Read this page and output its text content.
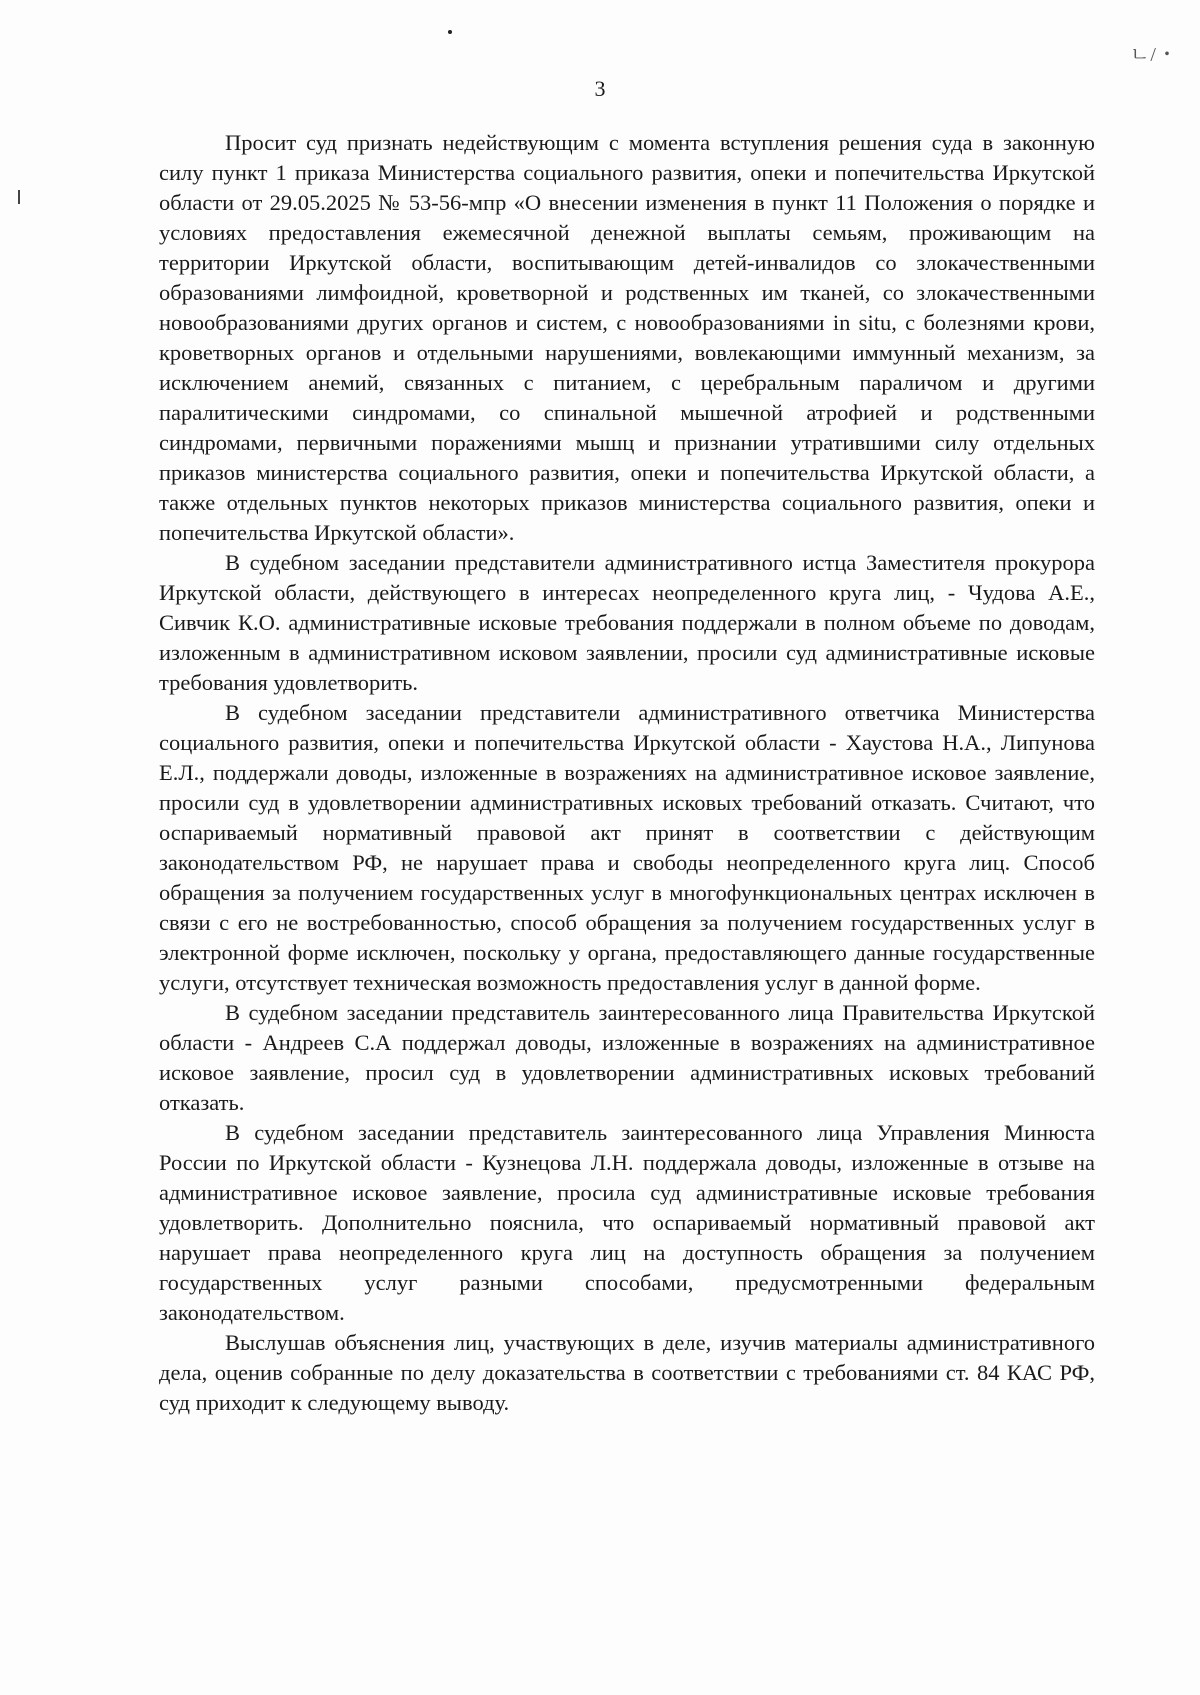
ㄴ/・
3

Просит суд признать недействующим с момента вступления решения суда в законную силу пункт 1 приказа Министерства социального развития, опеки и попечительства Иркутской области от 29.05.2025 № 53-56-мпр «О внесении изменения в пункт 11 Положения о порядке и условиях предоставления ежемесячной денежной выплаты семьям, проживающим на территории Иркутской области, воспитывающим детей-инвалидов со злокачественными образованиями лимфоидной, кроветворной и родственных им тканей, со злокачественными новообразованиями других органов и систем, с новообразованиями in situ, с болезнями крови, кроветворных органов и отдельными нарушениями, вовлекающими иммунный механизм, за исключением анемий, связанных с питанием, с церебральным параличом и другими паралитическими синдромами, со спинальной мышечной атрофией и родственными синдромами, первичными поражениями мышц и признании утратившими силу отдельных приказов министерства социального развития, опеки и попечительства Иркутской области, а также отдельных пунктов некоторых приказов министерства социального развития, опеки и попечительства Иркутской области».

В судебном заседании представители административного истца Заместителя прокурора Иркутской области, действующего в интересах неопределенного круга лиц, - Чудова А.Е., Сивчик К.О. административные исковые требования поддержали в полном объеме по доводам, изложенным в административном исковом заявлении, просили суд административные исковые требования удовлетворить.

В судебном заседании представители административного ответчика Министерства социального развития, опеки и попечительства Иркутской области - Хаустова Н.А., Липунова Е.Л., поддержали доводы, изложенные в возражениях на административное исковое заявление, просили суд в удовлетворении административных исковых требований отказать. Считают, что оспариваемый нормативный правовой акт принят в соответствии с действующим законодательством РФ, не нарушает права и свободы неопределенного круга лиц. Способ обращения за получением государственных услуг в многофункциональных центрах исключен в связи с его не востребованностью, способ обращения за получением государственных услуг в электронной форме исключен, поскольку у органа, предоставляющего данные государственные услуги, отсутствует техническая возможность предоставления услуг в данной форме.

В судебном заседании представитель заинтересованного лица Правительства Иркутской области - Андреев С.А поддержал доводы, изложенные в возражениях на административное исковое заявление, просил суд в удовлетворении административных исковых требований отказать.

В судебном заседании представитель заинтересованного лица Управления Минюста России по Иркутской области - Кузнецова Л.Н. поддержала доводы, изложенные в отзыве на административное исковое заявление, просила суд административные исковые требования удовлетворить. Дополнительно пояснила, что оспариваемый нормативный правовой акт нарушает права неопределенного круга лиц на доступность обращения за получением государственных услуг разными способами, предусмотренными федеральным законодательством.

Выслушав объяснения лиц, участвующих в деле, изучив материалы административного дела, оценив собранные по делу доказательства в соответствии с требованиями ст. 84 КАС РФ, суд приходит к следующему выводу.
